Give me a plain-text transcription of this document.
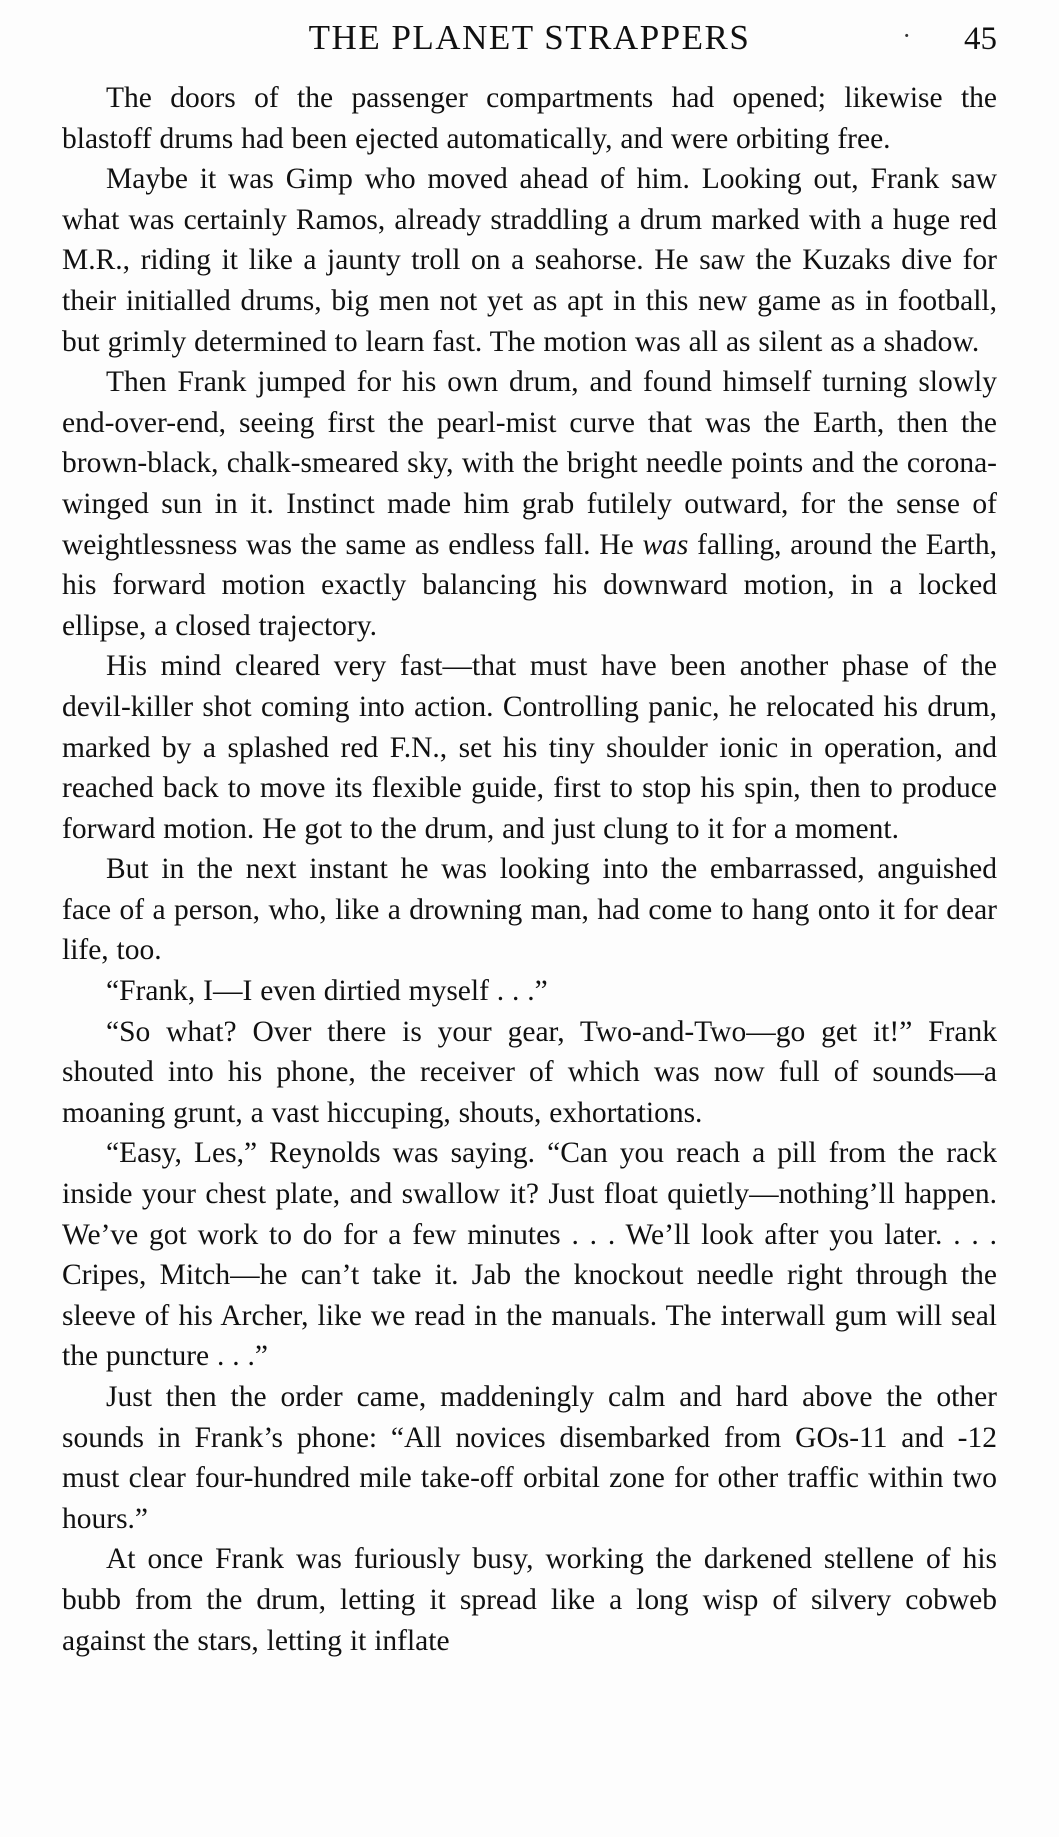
THE PLANET STRAPPERS	· 45

The doors of the passenger compartments had opened; likewise the blastoff drums had been ejected automatically, and were orbiting free.

Maybe it was Gimp who moved ahead of him. Looking out, Frank saw what was certainly Ramos, already straddling a drum marked with a huge red M.R., riding it like a jaunty troll on a seahorse. He saw the Kuzaks dive for their initialled drums, big men not yet as apt in this new game as in football, but grimly determined to learn fast. The motion was all as silent as a shadow.

Then Frank jumped for his own drum, and found himself turning slowly end-over-end, seeing first the pearl-mist curve that was the Earth, then the brown-black, chalk-smeared sky, with the bright needle points and the corona-winged sun in it. Instinct made him grab futilely outward, for the sense of weightlessness was the same as endless fall. He was falling, around the Earth, his forward motion exactly balancing his downward motion, in a locked ellipse, a closed trajectory.

His mind cleared very fast—that must have been another phase of the devil-killer shot coming into action. Controlling panic, he relocated his drum, marked by a splashed red F.N., set his tiny shoulder ionic in operation, and reached back to move its flexible guide, first to stop his spin, then to produce forward motion. He got to the drum, and just clung to it for a moment.

But in the next instant he was looking into the embarrassed, anguished face of a person, who, like a drowning man, had come to hang onto it for dear life, too.

“Frank, I—I even dirtied myself . . .”

“So what? Over there is your gear, Two-and-Two—go get it!” Frank shouted into his phone, the receiver of which was now full of sounds—a moaning grunt, a vast hiccuping, shouts, exhortations.

“Easy, Les,” Reynolds was saying. “Can you reach a pill from the rack inside your chest plate, and swallow it? Just float quietly—nothing’ll happen. We’ve got work to do for a few minutes . . . We’ll look after you later. . . . Cripes, Mitch—he can’t take it. Jab the knockout needle right through the sleeve of his Archer, like we read in the manuals. The interwall gum will seal the puncture . . .”

Just then the order came, maddeningly calm and hard above the other sounds in Frank’s phone: “All novices disembarked from GOs-11 and -12 must clear four-hundred mile take-off orbital zone for other traffic within two hours.”

At once Frank was furiously busy, working the darkened stellene of his bubb from the drum, letting it spread like a long wisp of silvery cobweb against the stars, letting it inflate
